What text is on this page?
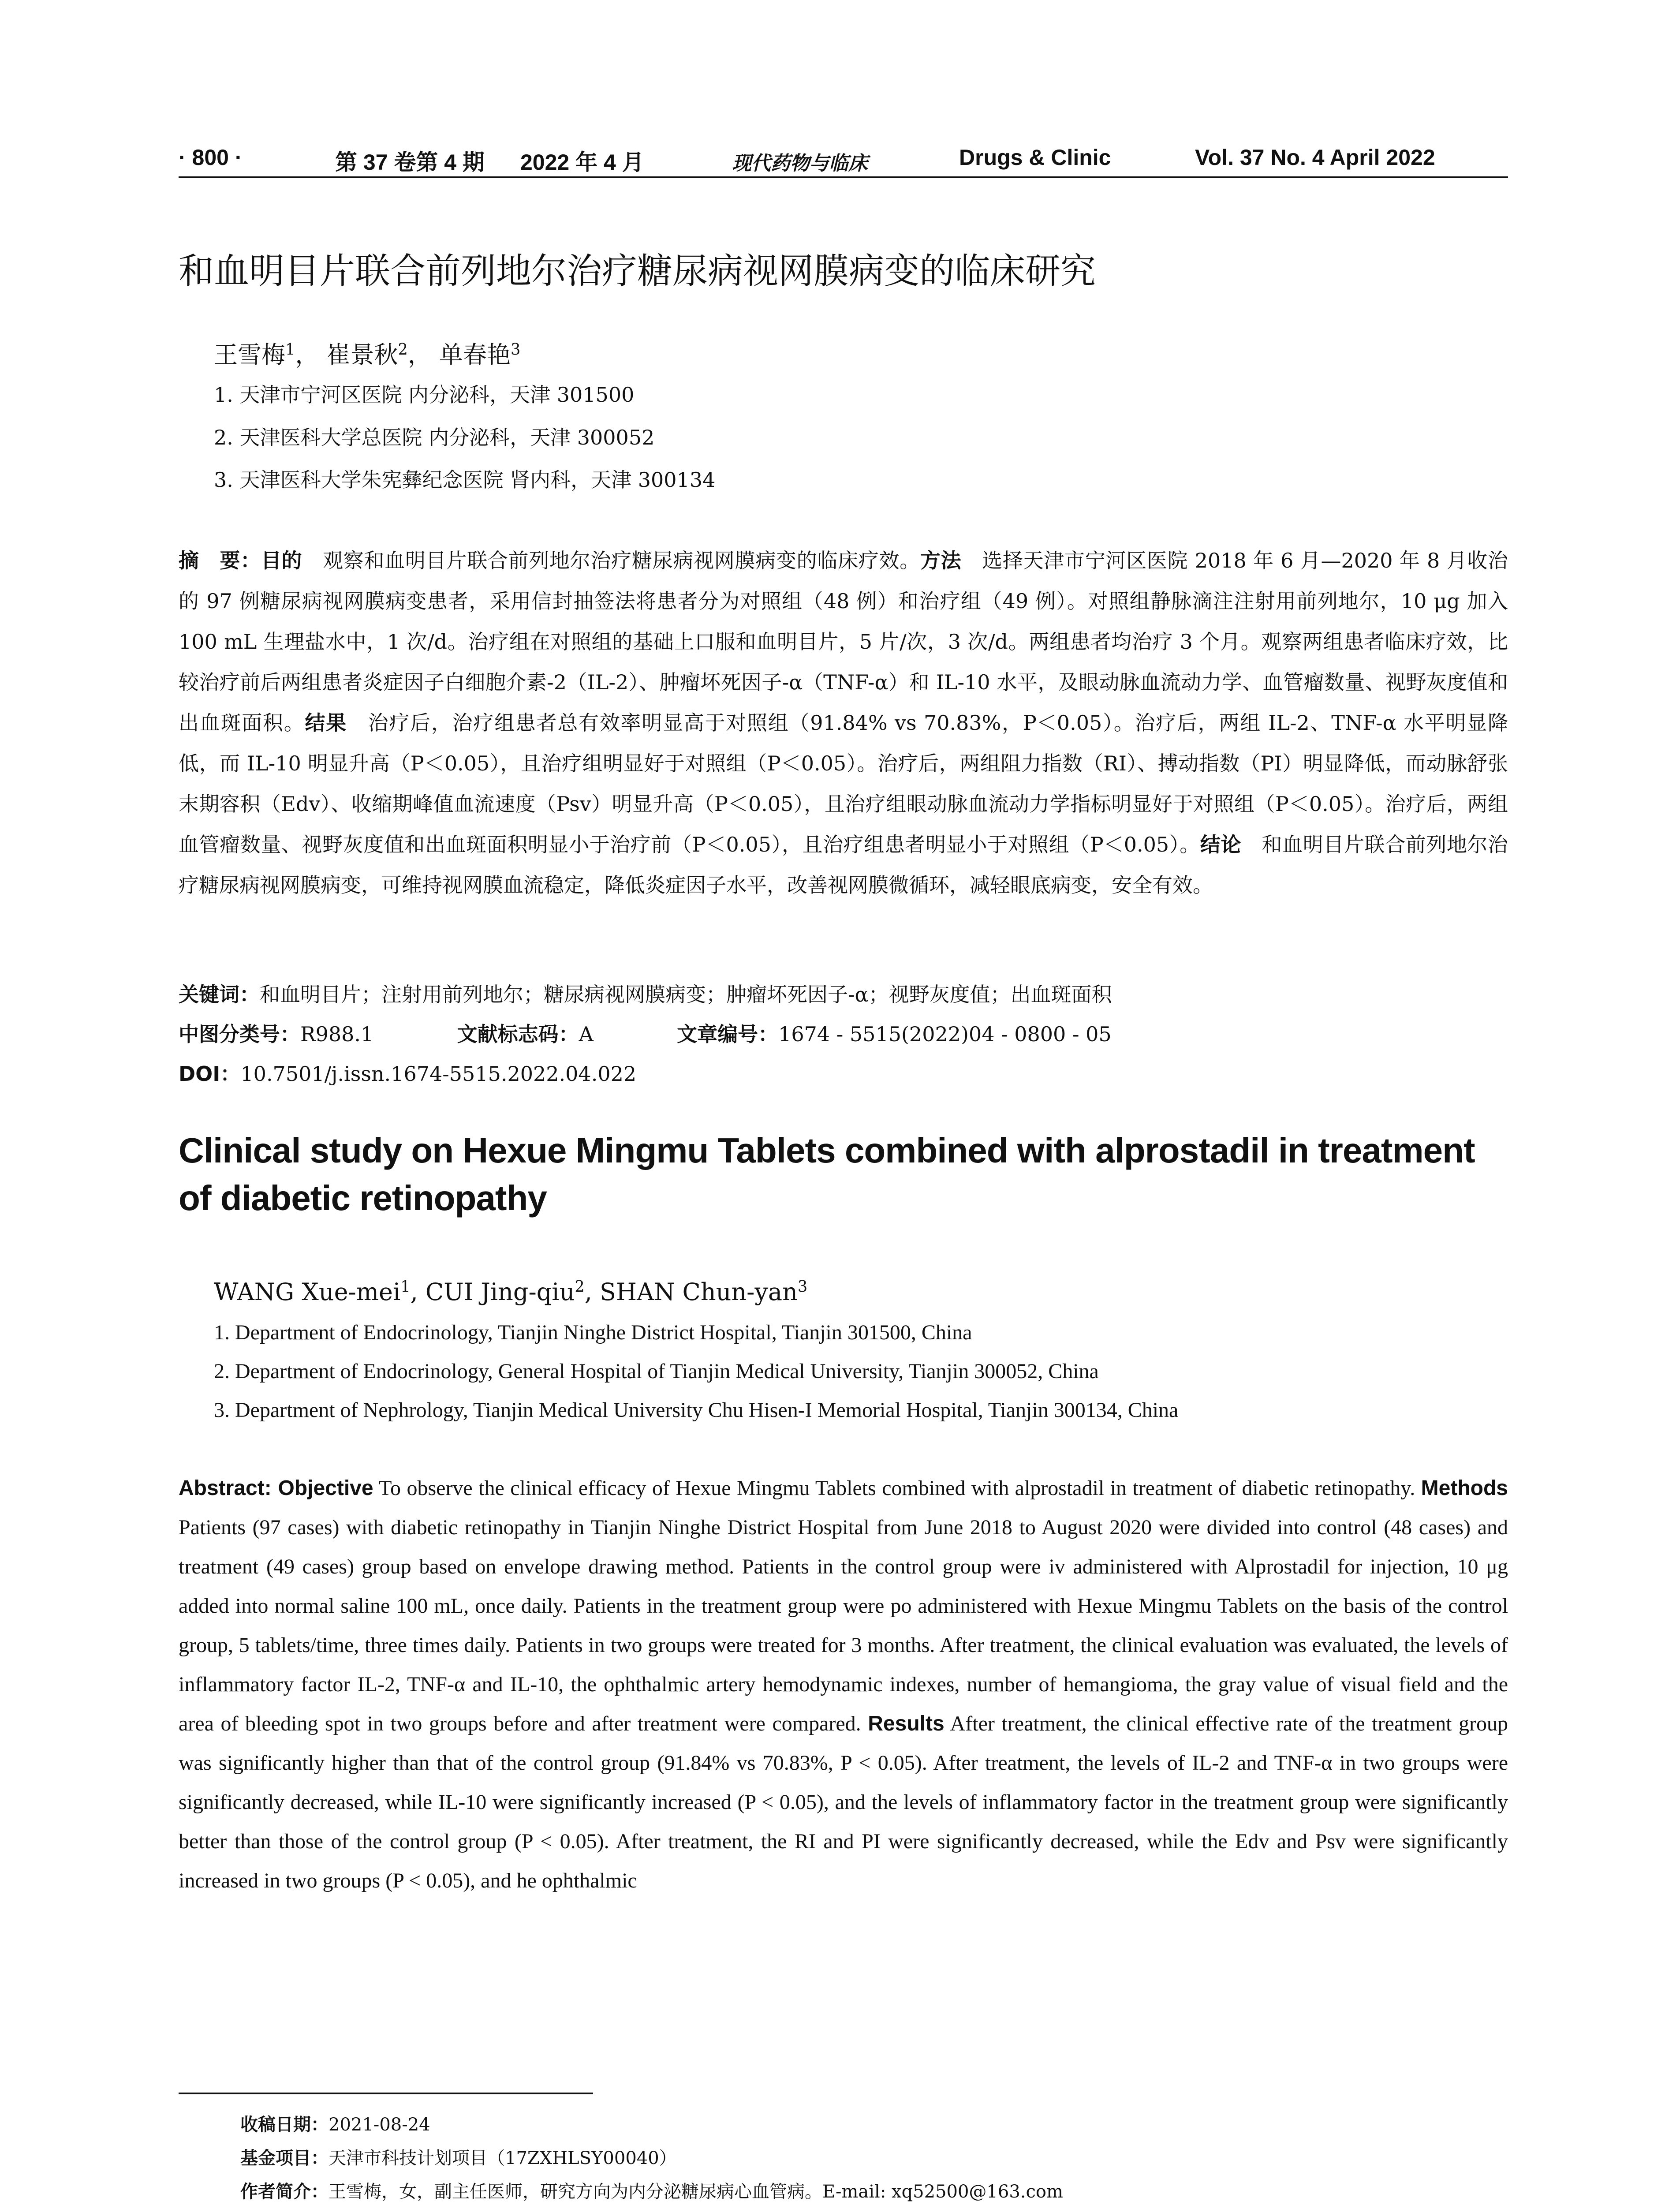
· 800 ·	第 37 卷第 4 期 2022 年 4 月	现代药物与临床	Drugs & Clinic	Vol. 37 No. 4 April 2022
和血明目片联合前列地尔治疗糖尿病视网膜病变的临床研究
王雪梅$^1$， 崔景秋$^2$， 单春艳$^3$
1. 天津市宁河区医院 内分泌科，天津 301500
2. 天津医科大学总医院 内分泌科，天津 300052
3. 天津医科大学朱宪彝纪念医院 肾内科，天津 300134
摘　要：目的　观察和血明目片联合前列地尔治疗糖尿病视网膜病变的临床疗效。方法　选择天津市宁河区医院 2018 年 6 月—2020 年 8 月收治的 97 例糖尿病视网膜病变患者，采用信封抽签法将患者分为对照组（48 例）和治疗组（49 例）。对照组静脉滴注注射用前列地尔，10 μg 加入 100 mL 生理盐水中，1 次/d。治疗组在对照组的基础上口服和血明目片，5 片/次，3 次/d。两组患者均治疗 3 个月。观察两组患者临床疗效，比较治疗前后两组患者炎症因子白细胞介素-2（IL-2）、肿瘤坏死因子-α（TNF-α）和 IL-10 水平，及眼动脉血流动力学、血管瘤数量、视野灰度值和出血斑面积。结果　治疗后，治疗组患者总有效率明显高于对照组（91.84% vs 70.83%，P＜0.05）。治疗后，两组 IL-2、TNF-α 水平明显降低，而 IL-10 明显升高（P＜0.05），且治疗组明显好于对照组（P＜0.05）。治疗后，两组阻力指数（RI）、搏动指数（PI）明显降低，而动脉舒张末期容积（Edv）、收缩期峰值血流速度（Psv）明显升高（P＜0.05），且治疗组眼动脉血流动力学指标明显好于对照组（P＜0.05）。治疗后，两组血管瘤数量、视野灰度值和出血斑面积明显小于治疗前（P＜0.05），且治疗组患者明显小于对照组（P＜0.05）。结论　和血明目片联合前列地尔治疗糖尿病视网膜病变，可维持视网膜血流稳定，降低炎症因子水平，改善视网膜微循环，减轻眼底病变，安全有效。
关键词：和血明目片；注射用前列地尔；糖尿病视网膜病变；肿瘤坏死因子-α；视野灰度值；出血斑面积
中图分类号：R988.1	文献标志码：A	文章编号：1674 - 5515(2022)04 - 0800 - 05
DOI：10.7501/j.issn.1674-5515.2022.04.022
Clinical study on Hexue Mingmu Tablets combined with alprostadil in treatment of diabetic retinopathy
WANG Xue-mei$^1$, CUI Jing-qiu$^2$, SHAN Chun-yan$^3$
1. Department of Endocrinology, Tianjin Ninghe District Hospital, Tianjin 301500, China
2. Department of Endocrinology, General Hospital of Tianjin Medical University, Tianjin 300052, China
3. Department of Nephrology, Tianjin Medical University Chu Hisen-I Memorial Hospital, Tianjin 300134, China
Abstract: Objective To observe the clinical efficacy of Hexue Mingmu Tablets combined with alprostadil in treatment of diabetic retinopathy. Methods Patients (97 cases) with diabetic retinopathy in Tianjin Ninghe District Hospital from June 2018 to August 2020 were divided into control (48 cases) and treatment (49 cases) group based on envelope drawing method. Patients in the control group were iv administered with Alprostadil for injection, 10 μg added into normal saline 100 mL, once daily. Patients in the treatment group were po administered with Hexue Mingmu Tablets on the basis of the control group, 5 tablets/time, three times daily. Patients in two groups were treated for 3 months. After treatment, the clinical evaluation was evaluated, the levels of inflammatory factor IL-2, TNF-α and IL-10, the ophthalmic artery hemodynamic indexes, number of hemangioma, the gray value of visual field and the area of bleeding spot in two groups before and after treatment were compared. Results After treatment, the clinical effective rate of the treatment group was significantly higher than that of the control group (91.84% vs 70.83%, P < 0.05). After treatment, the levels of IL-2 and TNF-α in two groups were significantly decreased, while IL-10 were significantly increased (P < 0.05), and the levels of inflammatory factor in the treatment group were significantly better than those of the control group (P < 0.05). After treatment, the RI and PI were significantly decreased, while the Edv and Psv were significantly increased in two groups (P < 0.05), and he ophthalmic
收稿日期：2021-08-24
基金项目：天津市科技计划项目（17ZXHLSY00040）
作者简介：王雪梅，女，副主任医师，研究方向为内分泌糖尿病心血管病。E-mail: xq52500@163.com
